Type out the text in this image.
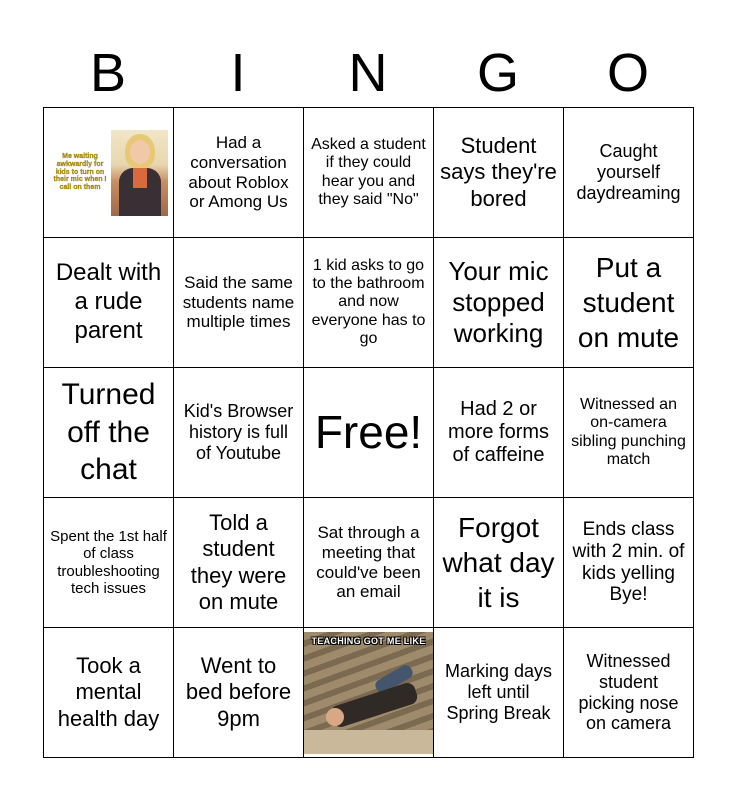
B	I	N	G	O
Me waiting awkwardly for kids to turn on their mic when I call on them
Had a conversation about Roblox or Among Us
Asked a student if they could hear you and they said "No"
Student says they're bored
Caught yourself daydreaming
Dealt with a rude parent
Said the same students name multiple times
1 kid asks to go to the bathroom and now everyone has to go
Your mic stopped working
Put a student on mute
Turned off the chat
Kid's Browser history is full of Youtube Free!	Had 2 or more forms of caffeine
Witnessed an on-camera sibling punching match
Spent the 1st half of class troubleshooting tech issues
Told a student they were on mute
Sat through a meeting that could've been an email
Forgot what day it is
Ends class with 2 min. of kids yelling Bye!
Took a mental health day
Went to bed before 9pm
TEACHING GOT ME LIKE
Marking days left until Spring Break
Witnessed student picking nose on camera
